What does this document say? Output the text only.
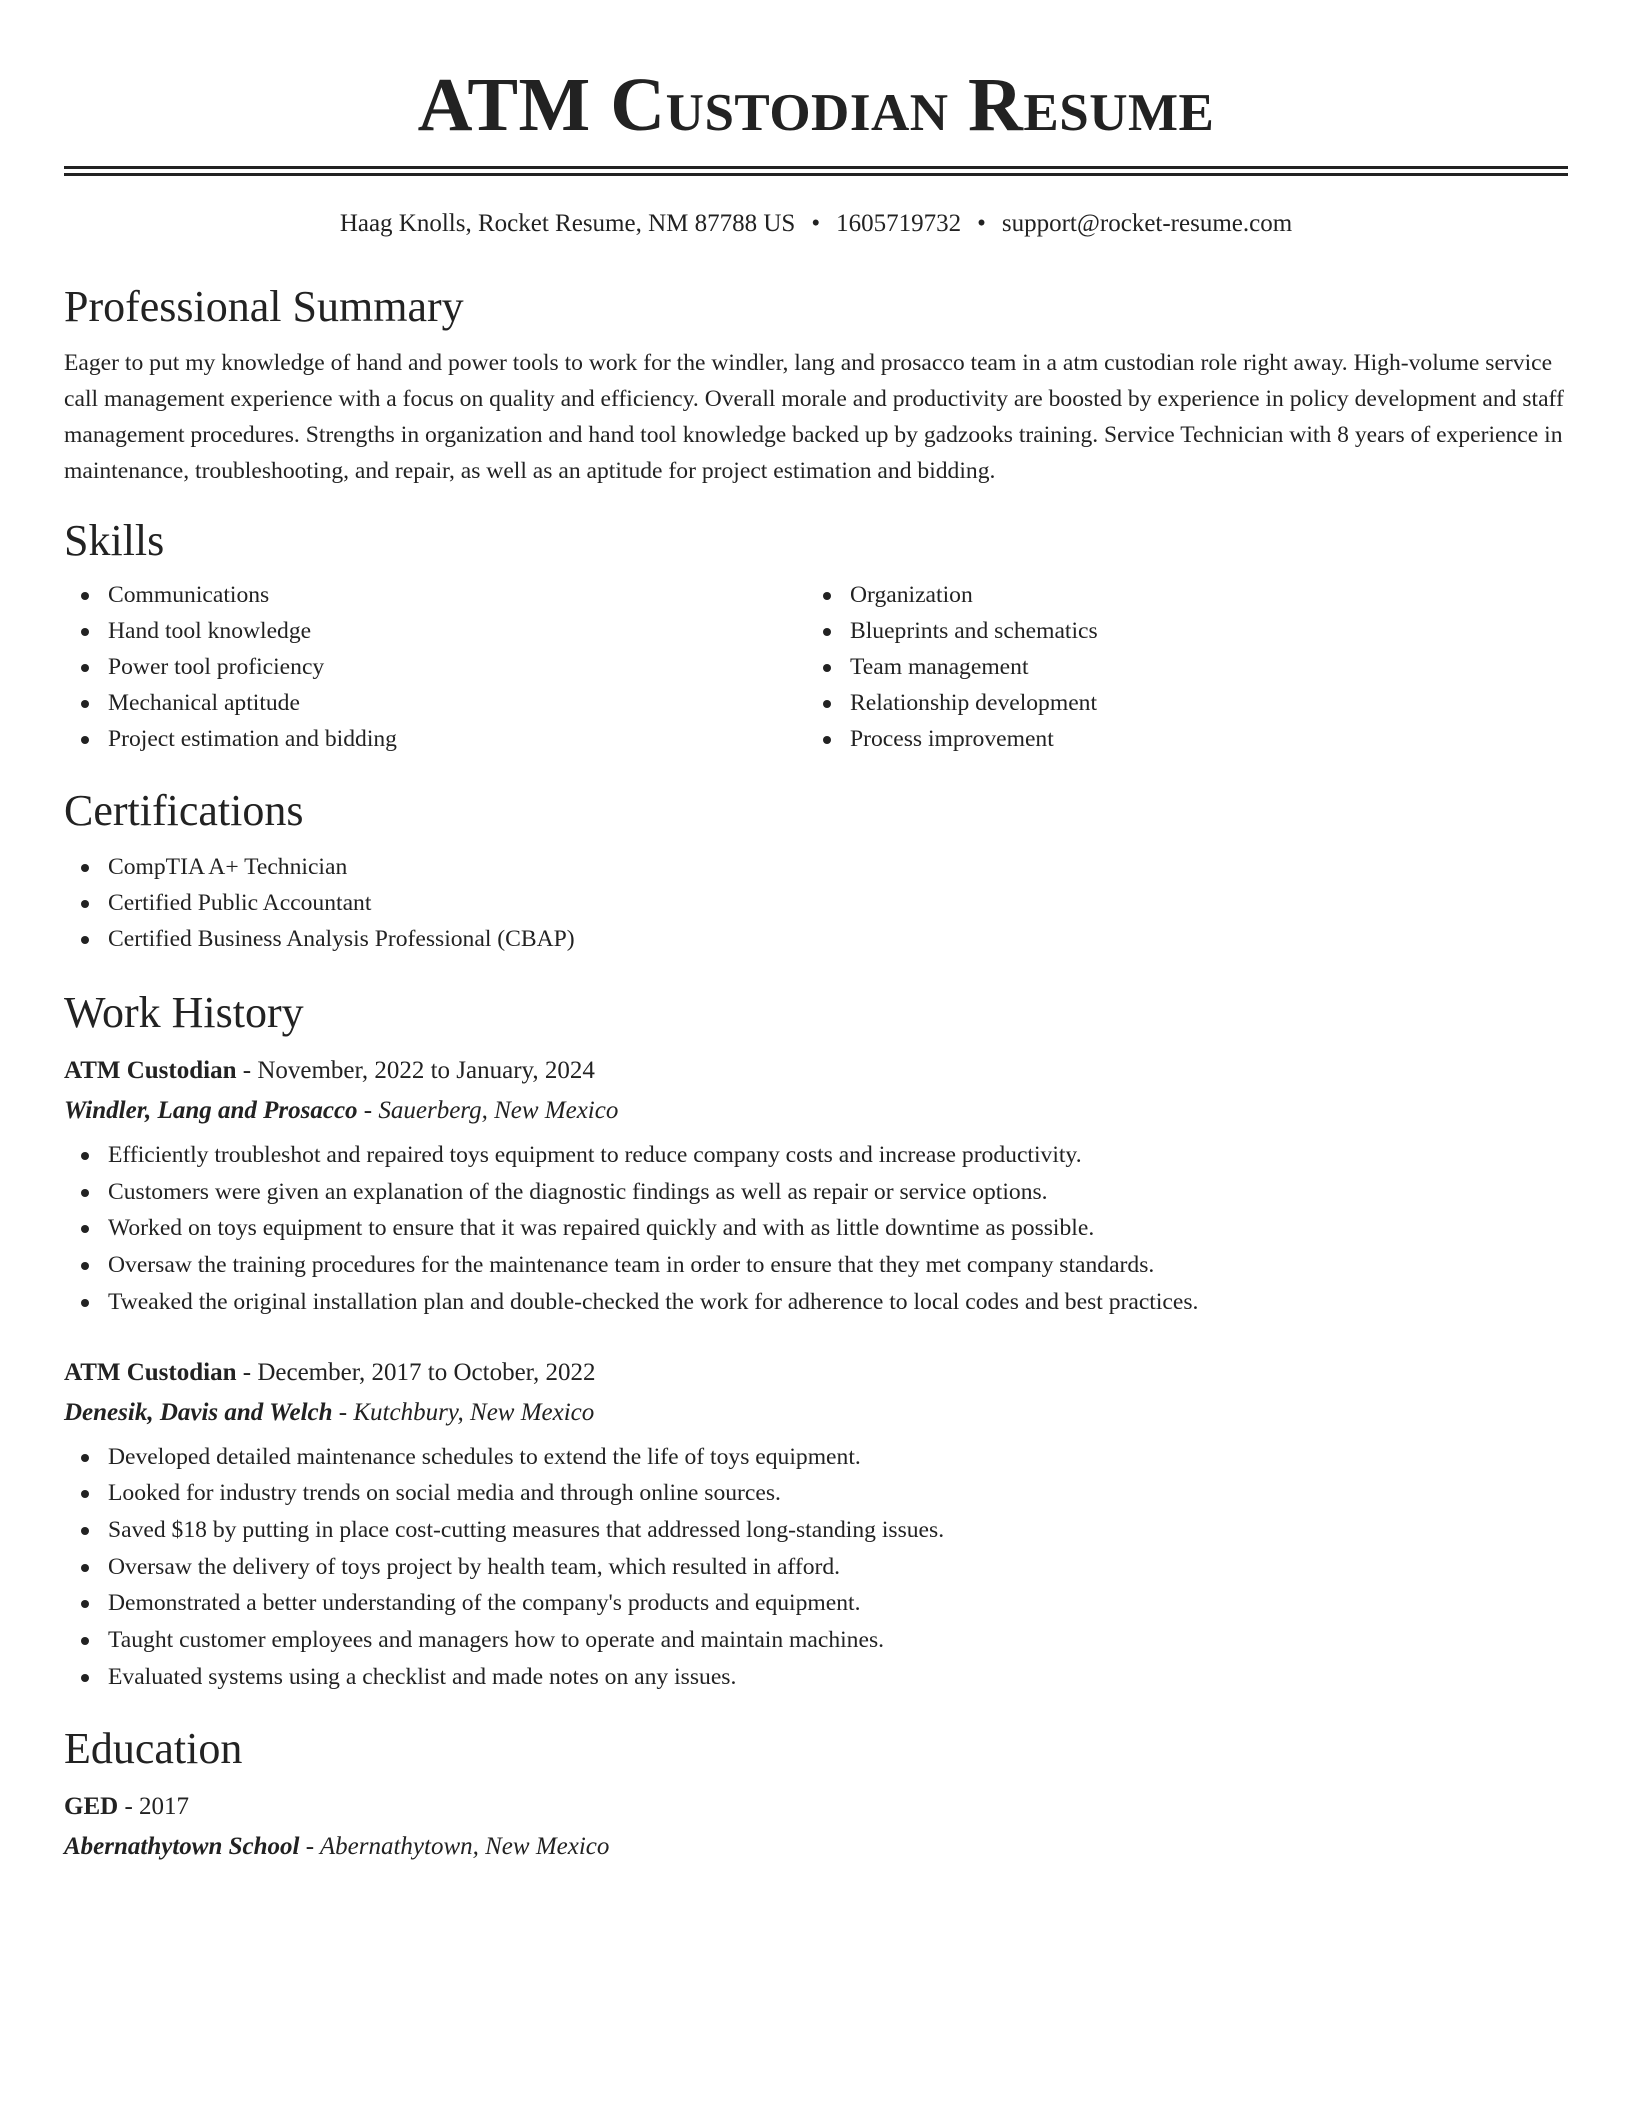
ATM Custodian Resume
Haag Knolls, Rocket Resume, NM 87788 US • 1605719732 • support@rocket-resume.com
Professional Summary

Eager to put my knowledge of hand and power tools to work for the windler, lang and prosacco team in a atm custodian role right away. High-volume service call management experience with a focus on quality and efficiency. Overall morale and productivity are boosted by experience in policy development and staff management procedures. Strengths in organization and hand tool knowledge backed up by gadzooks training. Service Technician with 8 years of experience in maintenance, troubleshooting, and repair, as well as an aptitude for project estimation and bidding.

Skills
Communications
Hand tool knowledge
Power tool proficiency
Mechanical aptitude
Project estimation and bidding
Organization
Blueprints and schematics
Team management
Relationship development
Process improvement
Certifications
CompTIA A+ Technician
Certified Public Accountant
Certified Business Analysis Professional (CBAP)
Work History
ATM Custodian - November, 2022 to January, 2024
Windler, Lang and Prosacco - Sauerberg, New Mexico
Efficiently troubleshot and repaired toys equipment to reduce company costs and increase productivity.
Customers were given an explanation of the diagnostic findings as well as repair or service options.
Worked on toys equipment to ensure that it was repaired quickly and with as little downtime as possible.
Oversaw the training procedures for the maintenance team in order to ensure that they met company standards.
Tweaked the original installation plan and double-checked the work for adherence to local codes and best practices.
ATM Custodian - December, 2017 to October, 2022
Denesik, Davis and Welch - Kutchbury, New Mexico
Developed detailed maintenance schedules to extend the life of toys equipment.
Looked for industry trends on social media and through online sources.
Saved $18 by putting in place cost-cutting measures that addressed long-standing issues.
Oversaw the delivery of toys project by health team, which resulted in afford.
Demonstrated a better understanding of the company's products and equipment.
Taught customer employees and managers how to operate and maintain machines.
Evaluated systems using a checklist and made notes on any issues.
Education
GED - 2017
Abernathytown School - Abernathytown, New Mexico
